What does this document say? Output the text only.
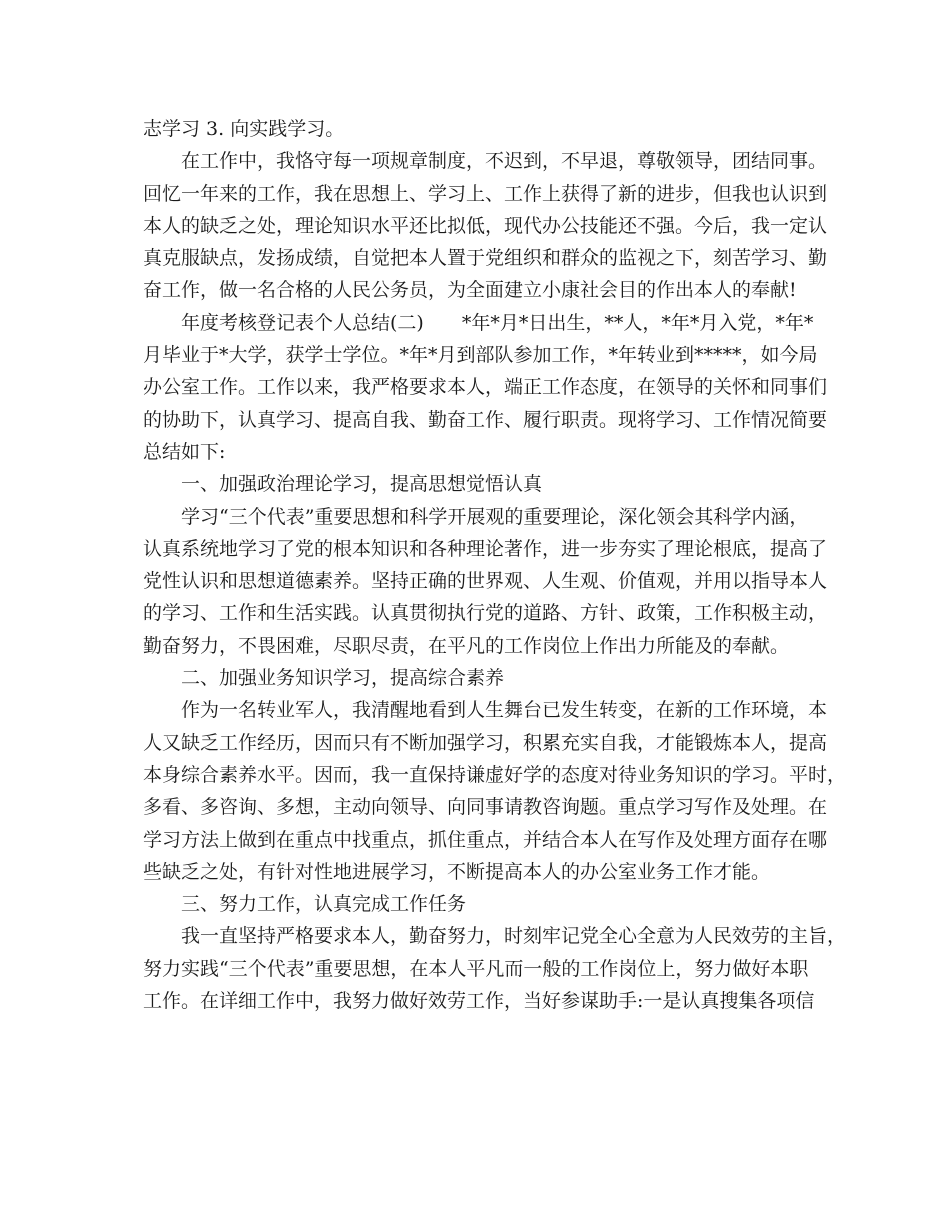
志学习 3. 向实践学习。
在工作中，我恪守每一项规章制度，不迟到，不早退，尊敬领导，团结同事。
回忆一年来的工作，我在思想上、学习上、工作上获得了新的进步，但我也认识到
本人的缺乏之处，理论知识水平还比拟低，现代办公技能还不强。今后，我一定认
真克服缺点，发扬成绩，自觉把本人置于党组织和群众的监视之下，刻苦学习、勤
奋工作，做一名合格的人民公务员，为全面建立小康社会目的作出本人的奉献!
年度考核登记表个人总结(二)　　*年*月*日出生，**人，*年*月入党，*年*
月毕业于*大学，获学士学位。*年*月到部队参加工作，*年转业到*****，如今局
办公室工作。工作以来，我严格要求本人，端正工作态度，在领导的关怀和同事们
的协助下，认真学习、提高自我、勤奋工作、履行职责。现将学习、工作情况简要
总结如下:
一、加强政治理论学习，提高思想觉悟认真
学习“三个代表”重要思想和科学开展观的重要理论，深化领会其科学内涵，
认真系统地学习了党的根本知识和各种理论著作，进一步夯实了理论根底，提高了
党性认识和思想道德素养。坚持正确的世界观、人生观、价值观，并用以指导本人
的学习、工作和生活实践。认真贯彻执行党的道路、方针、政策，工作积极主动，
勤奋努力，不畏困难，尽职尽责，在平凡的工作岗位上作出力所能及的奉献。
二、加强业务知识学习，提高综合素养
作为一名转业军人，我清醒地看到人生舞台已发生转变，在新的工作环境，本
人又缺乏工作经历，因而只有不断加强学习，积累充实自我，才能锻炼本人，提高
本身综合素养水平。因而，我一直保持谦虚好学的态度对待业务知识的学习。平时，
多看、多咨询、多想，主动向领导、向同事请教咨询题。重点学习写作及处理。在
学习方法上做到在重点中找重点，抓住重点，并结合本人在写作及处理方面存在哪
些缺乏之处，有针对性地进展学习，不断提高本人的办公室业务工作才能。
三、努力工作，认真完成工作任务
我一直坚持严格要求本人，勤奋努力，时刻牢记党全心全意为人民效劳的主旨，
努力实践“三个代表”重要思想，在本人平凡而一般的工作岗位上，努力做好本职
工作。在详细工作中，我努力做好效劳工作，当好参谋助手:一是认真搜集各项信
